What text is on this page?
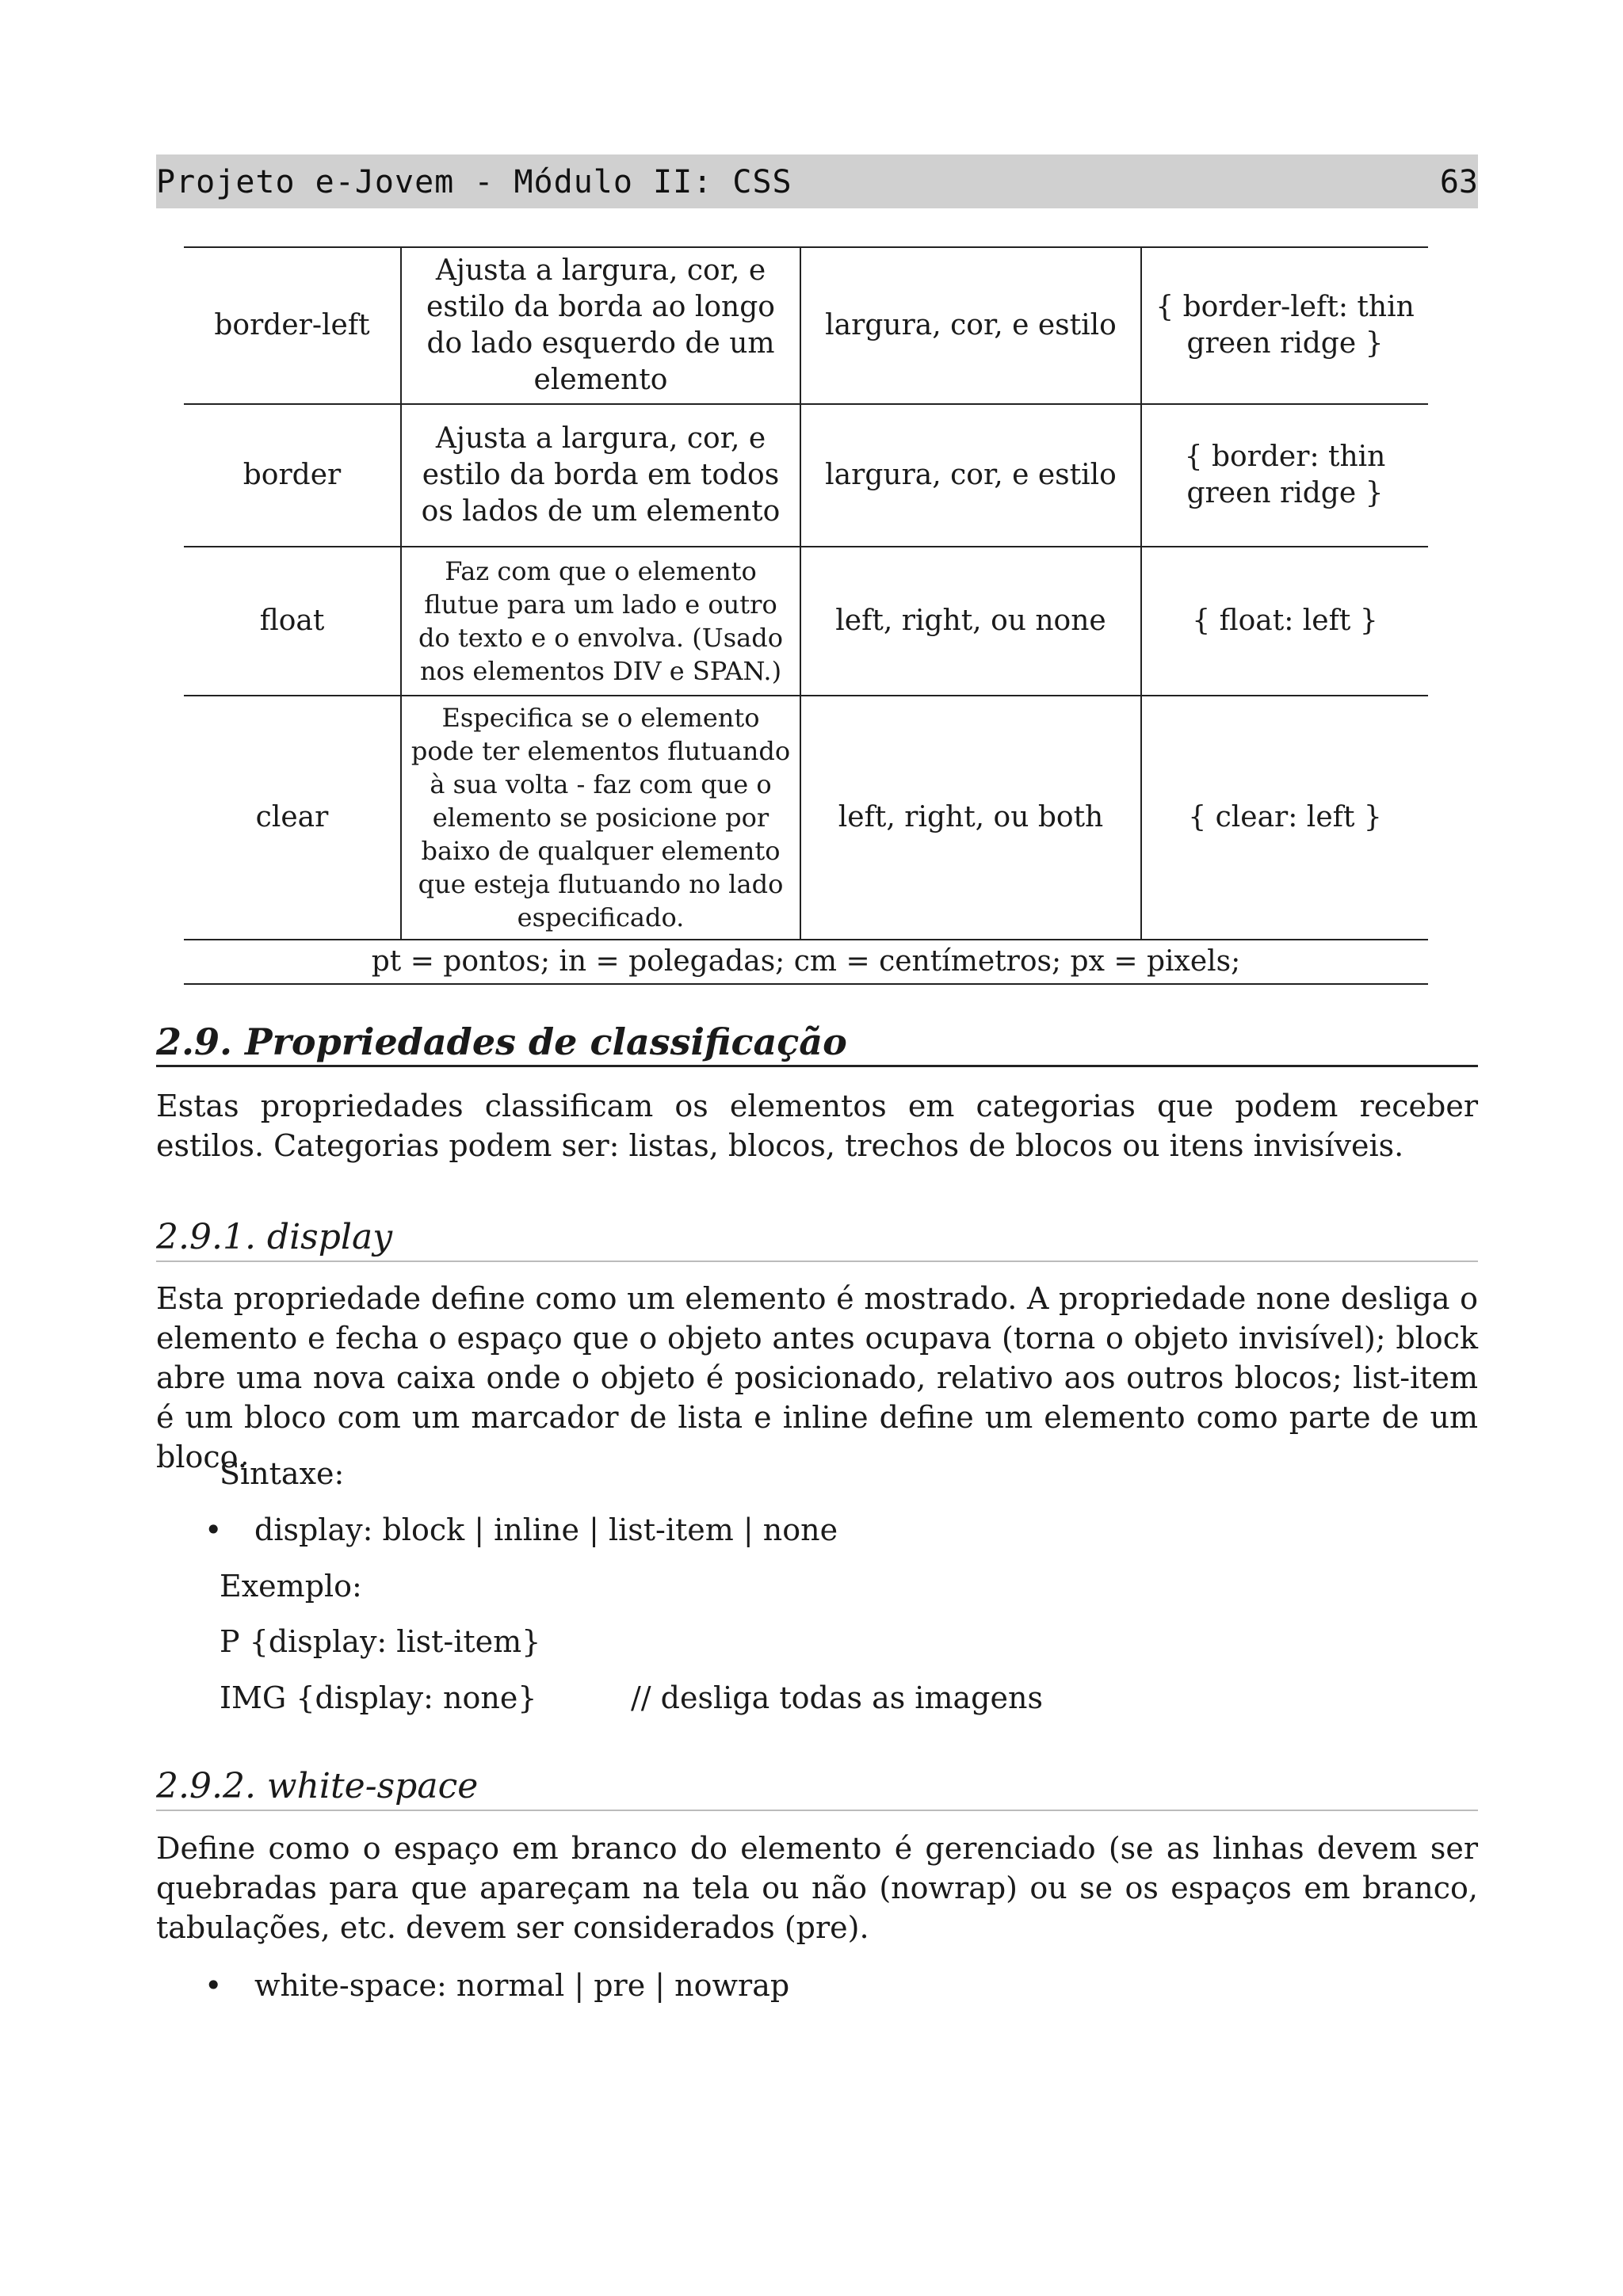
Projeto e-Jovem - Módulo II: CSS	63
border-left	Ajusta a largura, cor, e estilo da borda ao longo do lado esquerdo de um elemento	largura, cor, e estilo	{ border-left: thin green ridge }
border	Ajusta a largura, cor, e estilo da borda em todos os lados de um elemento	largura, cor, e estilo	{ border: thin green ridge }
float	Faz com que o elemento flutue para um lado e outro do texto e o envolva. (Usado nos elementos DIV e SPAN.)	left, right, ou none	{ float: left }
clear	Especifica se o elemento pode ter elementos flutuando à sua volta - faz com que o elemento se posicione por baixo de qualquer elemento que esteja flutuando no lado especificado.	left, right, ou both	{ clear: left }
pt = pontos; in = polegadas; cm = centímetros; px = pixels;			
2.9. Propriedades de classificação
Estas propriedades classificam os elementos em categorias que podem receber estilos. Categorias podem ser: listas, blocos, trechos de blocos ou itens invisíveis.
2.9.1. display
Esta propriedade define como um elemento é mostrado. A propriedade none desliga o elemento e fecha o espaço que o objeto antes ocupava (torna o objeto invisível); block abre uma nova caixa onde o objeto é posicionado, relativo aos outros blocos; list-item é um bloco com um marcador de lista e inline define um elemento como parte de um bloco.
Sintaxe:
• display: block | inline | list-item | none
Exemplo:
P {display: list-item}
IMG {display: none}	// desliga todas as imagens
2.9.2. white-space
Define como o espaço em branco do elemento é gerenciado (se as linhas devem ser quebradas para que apareçam na tela ou não (nowrap) ou se os espaços em branco, tabulações, etc. devem ser considerados (pre).
• white-space: normal | pre | nowrap
